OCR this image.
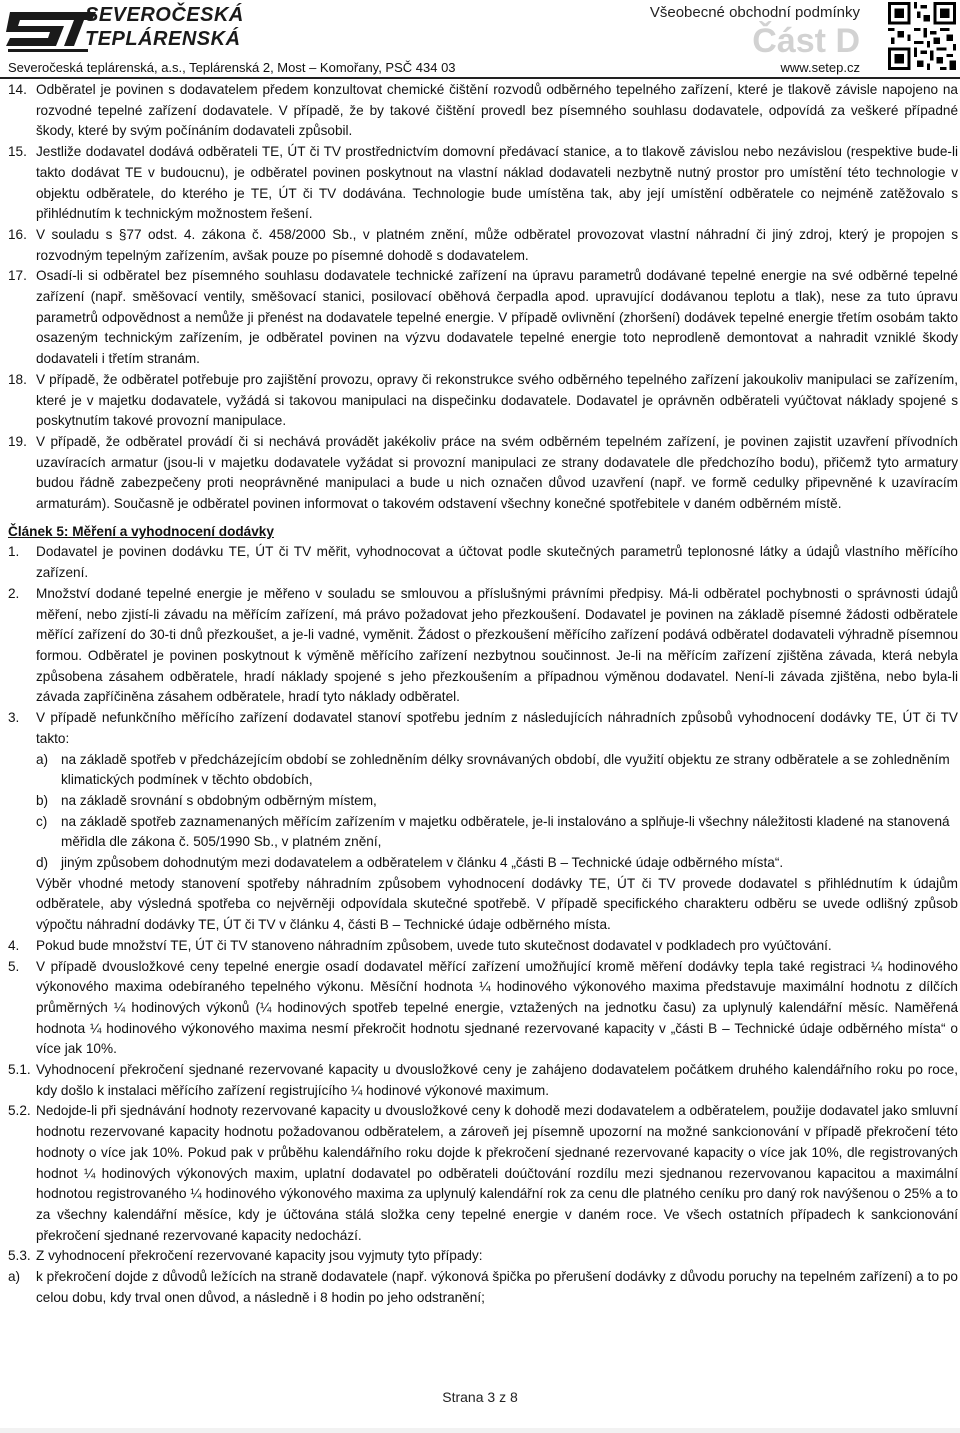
SEVEROČESKÁ
TEPLÁRENSKÁ
Severočeská teplárenská, a.s., Teplárenská 2, Most – Komořany, PSČ 434 03
Všeobecné obchodní podmínky
Část D
www.setep.cz
14. Odběratel je povinen s dodavatelem předem konzultovat chemické čištění rozvodů odběrného tepelného zařízení, které je tlakově závisle napojeno na rozvodné tepelné zařízení dodavatele. V případě, že by takové čištění provedl bez písemného souhlasu dodavatele, odpovídá za veškeré případné škody, které by svým počínáním dodavateli způsobil.
15. Jestliže dodavatel dodává odběrateli TE, ÚT či TV prostřednictvím domovní předávací stanice, a to tlakově závislou nebo nezávislou (respektive bude-li takto dodávat TE v budoucnu), je odběratel povinen poskytnout na vlastní náklad dodavateli nezbytně nutný prostor pro umístění této technologie v objektu odběratele, do kterého je TE, ÚT či TV dodávána. Technologie bude umístěna tak, aby její umístění odběratele co nejméně zatěžovalo s přihlédnutím k technickým možnostem řešení.
16. V souladu s §77 odst. 4. zákona č. 458/2000 Sb., v platném znění, může odběratel provozovat vlastní náhradní či jiný zdroj, který je propojen s rozvodným tepelným zařízením, avšak pouze po písemné dohodě s dodavatelem.
17. Osadí-li si odběratel bez písemného souhlasu dodavatele technické zařízení na úpravu parametrů dodávané tepelné energie na své odběrné tepelné zařízení (např. směšovací ventily, směšovací stanici, posilovací oběhová čerpadla apod. upravující dodávanou teplotu a tlak), nese za tuto úpravu parametrů odpovědnost a nemůže ji přenést na dodavatele tepelné energie. V případě ovlivnění (zhoršení) dodávek tepelné energie třetím osobám takto osazeným technickým zařízením, je odběratel povinen na výzvu dodavatele tepelné energie toto neprodleně demontovat a nahradit vzniklé škody dodavateli i třetím stranám.
18. V případě, že odběratel potřebuje pro zajištění provozu, opravy či rekonstrukce svého odběrného tepelného zařízení jakoukoliv manipulaci se zařízením, které je v majetku dodavatele, vyžádá si takovou manipulaci na dispečinku dodavatele. Dodavatel je oprávněn odběrateli vyúčtovat náklady spojené s poskytnutím takové provozní manipulace.
19. V případě, že odběratel provádí či si nechává provádět jakékoliv práce na svém odběrném tepelném zařízení, je povinen zajistit uzavření přívodních uzavíracích armatur (jsou-li v majetku dodavatele vyžádat si provozní manipulaci ze strany dodavatele dle předchozího bodu), přičemž tyto armatury budou řádně zabezpečeny proti neoprávněné manipulaci a bude u nich označen důvod uzavření (např. ve formě cedulky připevněné k uzavíracím armaturám). Současně je odběratel povinen informovat o takovém odstavení všechny konečné spotřebitele v daném odběrném místě.
Článek 5: Měření a vyhodnocení dodávky
1.	Dodavatel je povinen dodávku TE, ÚT či TV měřit, vyhodnocovat a účtovat podle skutečných parametrů teplonosné látky a údajů vlastního měřícího zařízení.
2.	Množství dodané tepelné energie je měřeno v souladu se smlouvou a příslušnými právními předpisy. Má-li odběratel pochybnosti o správnosti údajů měření, nebo zjistí-li závadu na měřícím zařízení, má právo požadovat jeho přezkoušení. Dodavatel je povinen na základě písemné žádosti odběratele měřící zařízení do 30-ti dnů přezkoušet, a je-li vadné, vyměnit. Žádost o přezkoušení měřícího zařízení podává odběratel dodavateli výhradně písemnou formou. Odběratel je povinen poskytnout k výměně měřícího zařízení nezbytnou součinnost. Je-li na měřícím zařízení zjištěna závada, která nebyla způsobena zásahem odběratele, hradí náklady spojené s jeho přezkoušením a případnou výměnou dodavatel. Není-li závada zjištěna, nebo byla-li závada zapříčiněna zásahem odběratele, hradí tyto náklady odběratel.
3.	V případě nefunkčního měřícího zařízení dodavatel stanoví spotřebu jedním z následujících náhradních způsobů vyhodnocení dodávky TE, ÚT či TV takto:
a) na základě spotřeb v předcházejícím období se zohledněním délky srovnávaných období, dle využití objektu ze strany odběratele a se zohledněním klimatických podmínek v těchto obdobích,
b) na základě srovnání s obdobným odběrným místem,
c)	na základě spotřeb zaznamenaných měřícím zařízením v majetku odběratele, je-li instalováno a splňuje-li všechny náležitosti kladené na stanovená měřidla dle zákona č. 505/1990 Sb., v platném znění,
d) jiným způsobem dohodnutým mezi dodavatelem a odběratelem v článku 4 „části B – Technické údaje odběrného místa“.
Výběr vhodné metody stanovení spotřeby náhradním způsobem vyhodnocení dodávky TE, ÚT či TV provede dodavatel s přihlédnutím k údajům odběratele, aby výsledná spotřeba co nejvěrněji odpovídala skutečné spotřebě. V případě specifického charakteru odběru se uvede odlišný způsob výpočtu náhradní dodávky TE, ÚT či TV v článku 4, části B – Technické údaje odběrného místa.
4.	Pokud bude množství TE, ÚT či TV stanoveno náhradním způsobem, uvede tuto skutečnost dodavatel v podkladech pro vyúčtování.
5.	V případě dvousložkové ceny tepelné energie osadí dodavatel měřící zařízení umožňující kromě měření dodávky tepla také registraci ¼ hodinového výkonového maxima odebíraného tepelného výkonu. Měsíční hodnota ¼ hodinového výkonového maxima představuje maximální hodnotu z dílčích průměrných ¼ hodinových výkonů (¼ hodinových spotřeb tepelné energie, vztažených na jednotku času) za uplynulý kalendářní měsíc. Naměřená hodnota ¼ hodinového výkonového maxima nesmí překročit hodnotu sjednané rezervované kapacity v „části B – Technické údaje odběrného místa“ o více jak 10%.
5.1. Vyhodnocení překročení sjednané rezervované kapacity u dvousložkové ceny je zahájeno dodavatelem počátkem druhého kalendářního roku po roce, kdy došlo k instalaci měřícího zařízení registrujícího ¼ hodinové výkonové maximum.
5.2. Nedojde-li při sjednávání hodnoty rezervované kapacity u dvousložkové ceny k dohodě mezi dodavatelem a odběratelem, použije dodavatel jako smluvní hodnotu rezervované kapacity hodnotu požadovanou odběratelem, a zároveň jej písemně upozorní na možné sankcionování v případě překročení této hodnoty o více jak 10%. Pokud pak v průběhu kalendářního roku dojde k překročení sjednané rezervované kapacity o více jak 10%, dle registrovaných hodnot ¼ hodinových výkonových maxim, uplatní dodavatel po odběrateli doúčtování rozdílu mezi sjednanou rezervovanou kapacitou a maximální hodnotou registrovaného ¼ hodinového výkonového maxima za uplynulý kalendářní rok za cenu dle platného ceníku pro daný rok navýšenou o 25% a to za všechny kalendářní měsíce, kdy je účtována stálá složka ceny tepelné energie v daném roce. Ve všech ostatních případech k sankcionování překročení sjednané rezervované kapacity nedochází.
5.3. Z vyhodnocení překročení rezervované kapacity jsou vyjmuty tyto případy:
a)	k překročení dojde z důvodů ležících na straně dodavatele (např. výkonová špička po přerušení dodávky z důvodu poruchy na tepelném zařízení) a to po celou dobu, kdy trval onen důvod, a následně i 8 hodin po jeho odstranění;
Strana 3 z 8
